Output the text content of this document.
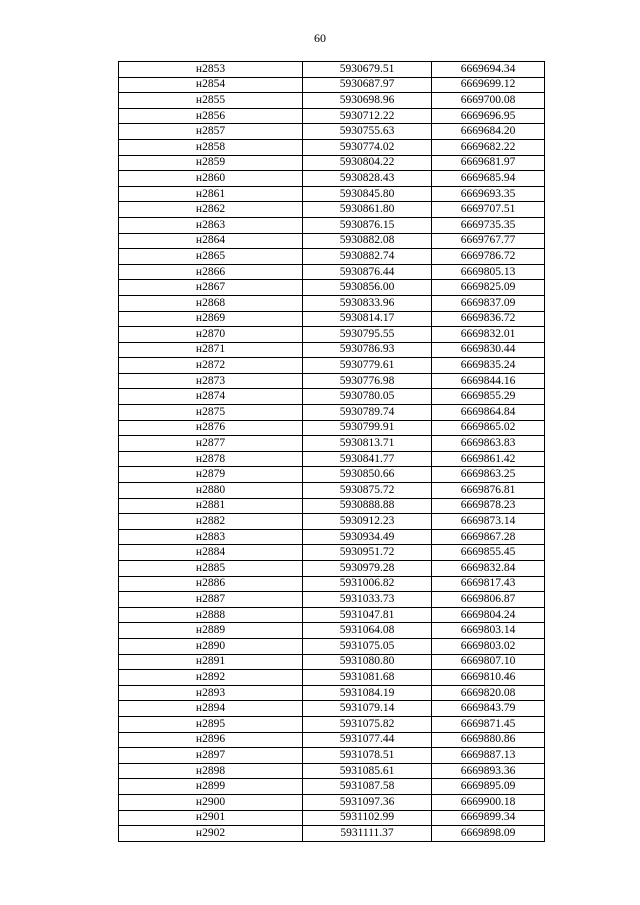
60
н2853	5930679.51	6669694.34
н2854	5930687.97	6669699.12
н2855	5930698.96	6669700.08
н2856	5930712.22	6669696.95
н2857	5930755.63	6669684.20
н2858	5930774.02	6669682.22
н2859	5930804.22	6669681.97
н2860	5930828.43	6669685.94
н2861	5930845.80	6669693.35
н2862	5930861.80	6669707.51
н2863	5930876.15	6669735.35
н2864	5930882.08	6669767.77
н2865	5930882.74	6669786.72
н2866	5930876.44	6669805.13
н2867	5930856.00	6669825.09
н2868	5930833.96	6669837.09
н2869	5930814.17	6669836.72
н2870	5930795.55	6669832.01
н2871	5930786.93	6669830.44
н2872	5930779.61	6669835.24
н2873	5930776.98	6669844.16
н2874	5930780.05	6669855.29
н2875	5930789.74	6669864.84
н2876	5930799.91	6669865.02
н2877	5930813.71	6669863.83
н2878	5930841.77	6669861.42
н2879	5930850.66	6669863.25
н2880	5930875.72	6669876.81
н2881	5930888.88	6669878.23
н2882	5930912.23	6669873.14
н2883	5930934.49	6669867.28
н2884	5930951.72	6669855.45
н2885	5930979.28	6669832.84
н2886	5931006.82	6669817.43
н2887	5931033.73	6669806.87
н2888	5931047.81	6669804.24
н2889	5931064.08	6669803.14
н2890	5931075.05	6669803.02
н2891	5931080.80	6669807.10
н2892	5931081.68	6669810.46
н2893	5931084.19	6669820.08
н2894	5931079.14	6669843.79
н2895	5931075.82	6669871.45
н2896	5931077.44	6669880.86
н2897	5931078.51	6669887.13
н2898	5931085.61	6669893.36
н2899	5931087.58	6669895.09
н2900	5931097.36	6669900.18
н2901	5931102.99	6669899.34
н2902	5931111.37	6669898.09
